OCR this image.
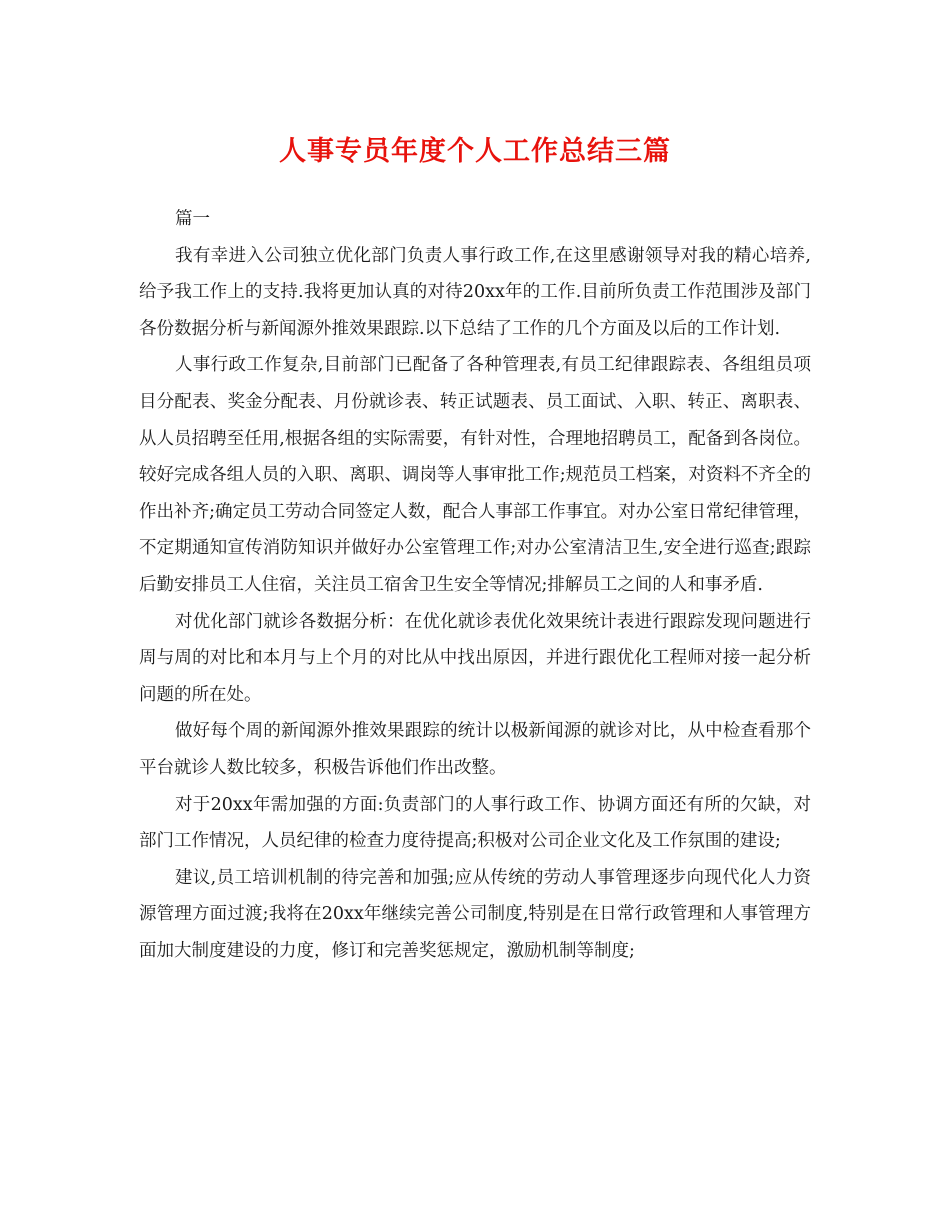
人事专员年度个人工作总结三篇

篇一

我有幸进入公司独立优化部门负责人事行政工作,在这里感谢领导对我的精心培养,给予我工作上的支持.我将更加认真的对待20xx年的工作.目前所负责工作范围涉及部门各份数据分析与新闻源外推效果跟踪.以下总结了工作的几个方面及以后的工作计划.

人事行政工作复杂,目前部门已配备了各种管理表,有员工纪律跟踪表、各组组员项目分配表、奖金分配表、月份就诊表、转正试题表、员工面试、入职、转正、离职表、从人员招聘至任用,根据各组的实际需要，有针对性，合理地招聘员工，配备到各岗位。较好完成各组人员的入职、离职、调岗等人事审批工作;规范员工档案，对资料不齐全的作出补齐;确定员工劳动合同签定人数，配合人事部工作事宜。对办公室日常纪律管理，不定期通知宣传消防知识并做好办公室管理工作;对办公室清洁卫生,安全进行巡查;跟踪后勤安排员工人住宿，关注员工宿舍卫生安全等情况;排解员工之间的人和事矛盾.

对优化部门就诊各数据分析：在优化就诊表优化效果统计表进行跟踪发现问题进行周与周的对比和本月与上个月的对比从中找出原因，并进行跟优化工程师对接一起分析问题的所在处。

做好每个周的新闻源外推效果跟踪的统计以极新闻源的就诊对比，从中检查看那个平台就诊人数比较多，积极告诉他们作出改整。

对于20xx年需加强的方面:负责部门的人事行政工作、协调方面还有所的欠缺，对部门工作情况，人员纪律的检查力度待提高;积极对公司企业文化及工作氛围的建设;

建议,员工培训机制的待完善和加强;应从传统的劳动人事管理逐步向现代化人力资源管理方面过渡;我将在20xx年继续完善公司制度,特别是在日常行政管理和人事管理方面加大制度建设的力度，修订和完善奖惩规定，激励机制等制度;
